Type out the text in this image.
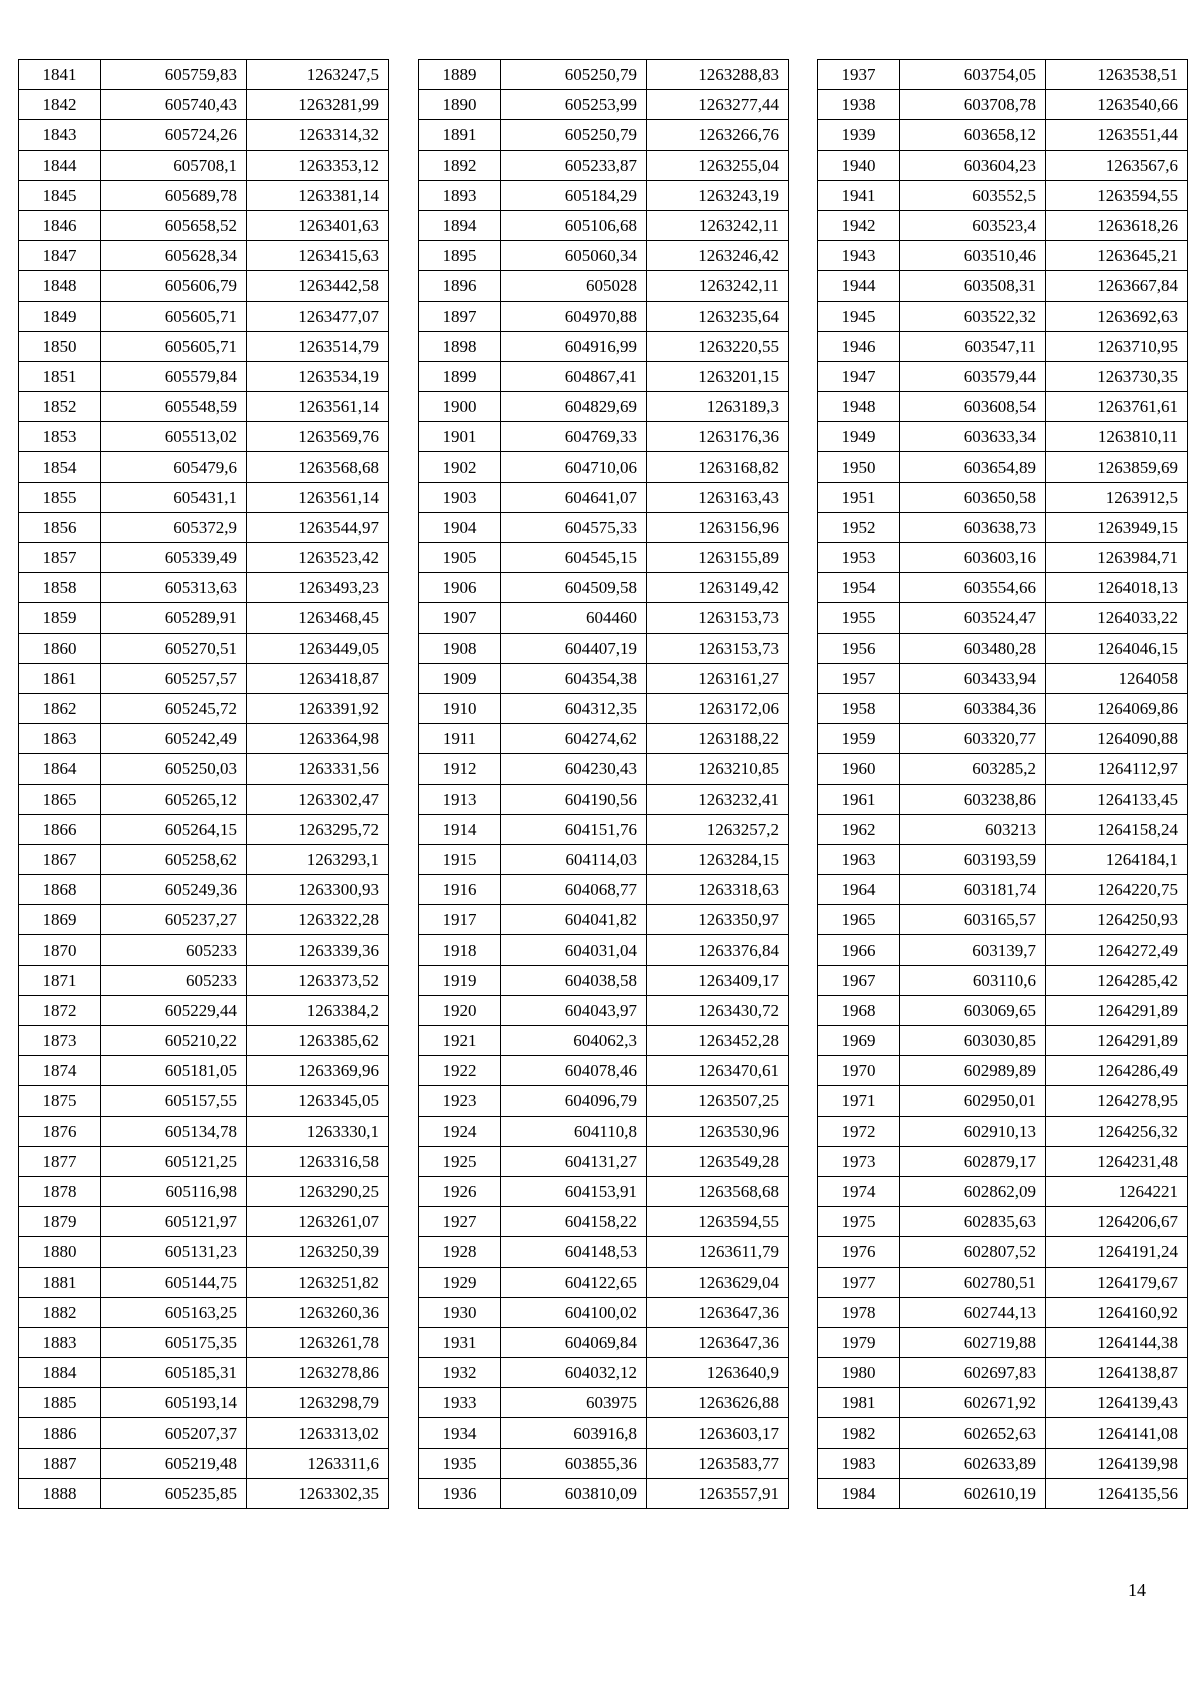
1841	605759,83	1263247,5
1842	605740,43	1263281,99
1843	605724,26	1263314,32
1844	605708,1	1263353,12
1845	605689,78	1263381,14
1846	605658,52	1263401,63
1847	605628,34	1263415,63
1848	605606,79	1263442,58
1849	605605,71	1263477,07
1850	605605,71	1263514,79
1851	605579,84	1263534,19
1852	605548,59	1263561,14
1853	605513,02	1263569,76
1854	605479,6	1263568,68
1855	605431,1	1263561,14
1856	605372,9	1263544,97
1857	605339,49	1263523,42
1858	605313,63	1263493,23
1859	605289,91	1263468,45
1860	605270,51	1263449,05
1861	605257,57	1263418,87
1862	605245,72	1263391,92
1863	605242,49	1263364,98
1864	605250,03	1263331,56
1865	605265,12	1263302,47
1866	605264,15	1263295,72
1867	605258,62	1263293,1
1868	605249,36	1263300,93
1869	605237,27	1263322,28
1870	605233	1263339,36
1871	605233	1263373,52
1872	605229,44	1263384,2
1873	605210,22	1263385,62
1874	605181,05	1263369,96
1875	605157,55	1263345,05
1876	605134,78	1263330,1
1877	605121,25	1263316,58
1878	605116,98	1263290,25
1879	605121,97	1263261,07
1880	605131,23	1263250,39
1881	605144,75	1263251,82
1882	605163,25	1263260,36
1883	605175,35	1263261,78
1884	605185,31	1263278,86
1885	605193,14	1263298,79
1886	605207,37	1263313,02
1887	605219,48	1263311,6
1888	605235,85	1263302,35
1889	605250,79	1263288,83
1890	605253,99	1263277,44
1891	605250,79	1263266,76
1892	605233,87	1263255,04
1893	605184,29	1263243,19
1894	605106,68	1263242,11
1895	605060,34	1263246,42
1896	605028	1263242,11
1897	604970,88	1263235,64
1898	604916,99	1263220,55
1899	604867,41	1263201,15
1900	604829,69	1263189,3
1901	604769,33	1263176,36
1902	604710,06	1263168,82
1903	604641,07	1263163,43
1904	604575,33	1263156,96
1905	604545,15	1263155,89
1906	604509,58	1263149,42
1907	604460	1263153,73
1908	604407,19	1263153,73
1909	604354,38	1263161,27
1910	604312,35	1263172,06
1911	604274,62	1263188,22
1912	604230,43	1263210,85
1913	604190,56	1263232,41
1914	604151,76	1263257,2
1915	604114,03	1263284,15
1916	604068,77	1263318,63
1917	604041,82	1263350,97
1918	604031,04	1263376,84
1919	604038,58	1263409,17
1920	604043,97	1263430,72
1921	604062,3	1263452,28
1922	604078,46	1263470,61
1923	604096,79	1263507,25
1924	604110,8	1263530,96
1925	604131,27	1263549,28
1926	604153,91	1263568,68
1927	604158,22	1263594,55
1928	604148,53	1263611,79
1929	604122,65	1263629,04
1930	604100,02	1263647,36
1931	604069,84	1263647,36
1932	604032,12	1263640,9
1933	603975	1263626,88
1934	603916,8	1263603,17
1935	603855,36	1263583,77
1936	603810,09	1263557,91
1937	603754,05	1263538,51
1938	603708,78	1263540,66
1939	603658,12	1263551,44
1940	603604,23	1263567,6
1941	603552,5	1263594,55
1942	603523,4	1263618,26
1943	603510,46	1263645,21
1944	603508,31	1263667,84
1945	603522,32	1263692,63
1946	603547,11	1263710,95
1947	603579,44	1263730,35
1948	603608,54	1263761,61
1949	603633,34	1263810,11
1950	603654,89	1263859,69
1951	603650,58	1263912,5
1952	603638,73	1263949,15
1953	603603,16	1263984,71
1954	603554,66	1264018,13
1955	603524,47	1264033,22
1956	603480,28	1264046,15
1957	603433,94	1264058
1958	603384,36	1264069,86
1959	603320,77	1264090,88
1960	603285,2	1264112,97
1961	603238,86	1264133,45
1962	603213	1264158,24
1963	603193,59	1264184,1
1964	603181,74	1264220,75
1965	603165,57	1264250,93
1966	603139,7	1264272,49
1967	603110,6	1264285,42
1968	603069,65	1264291,89
1969	603030,85	1264291,89
1970	602989,89	1264286,49
1971	602950,01	1264278,95
1972	602910,13	1264256,32
1973	602879,17	1264231,48
1974	602862,09	1264221
1975	602835,63	1264206,67
1976	602807,52	1264191,24
1977	602780,51	1264179,67
1978	602744,13	1264160,92
1979	602719,88	1264144,38
1980	602697,83	1264138,87
1981	602671,92	1264139,43
1982	602652,63	1264141,08
1983	602633,89	1264139,98
1984	602610,19	1264135,56
14
